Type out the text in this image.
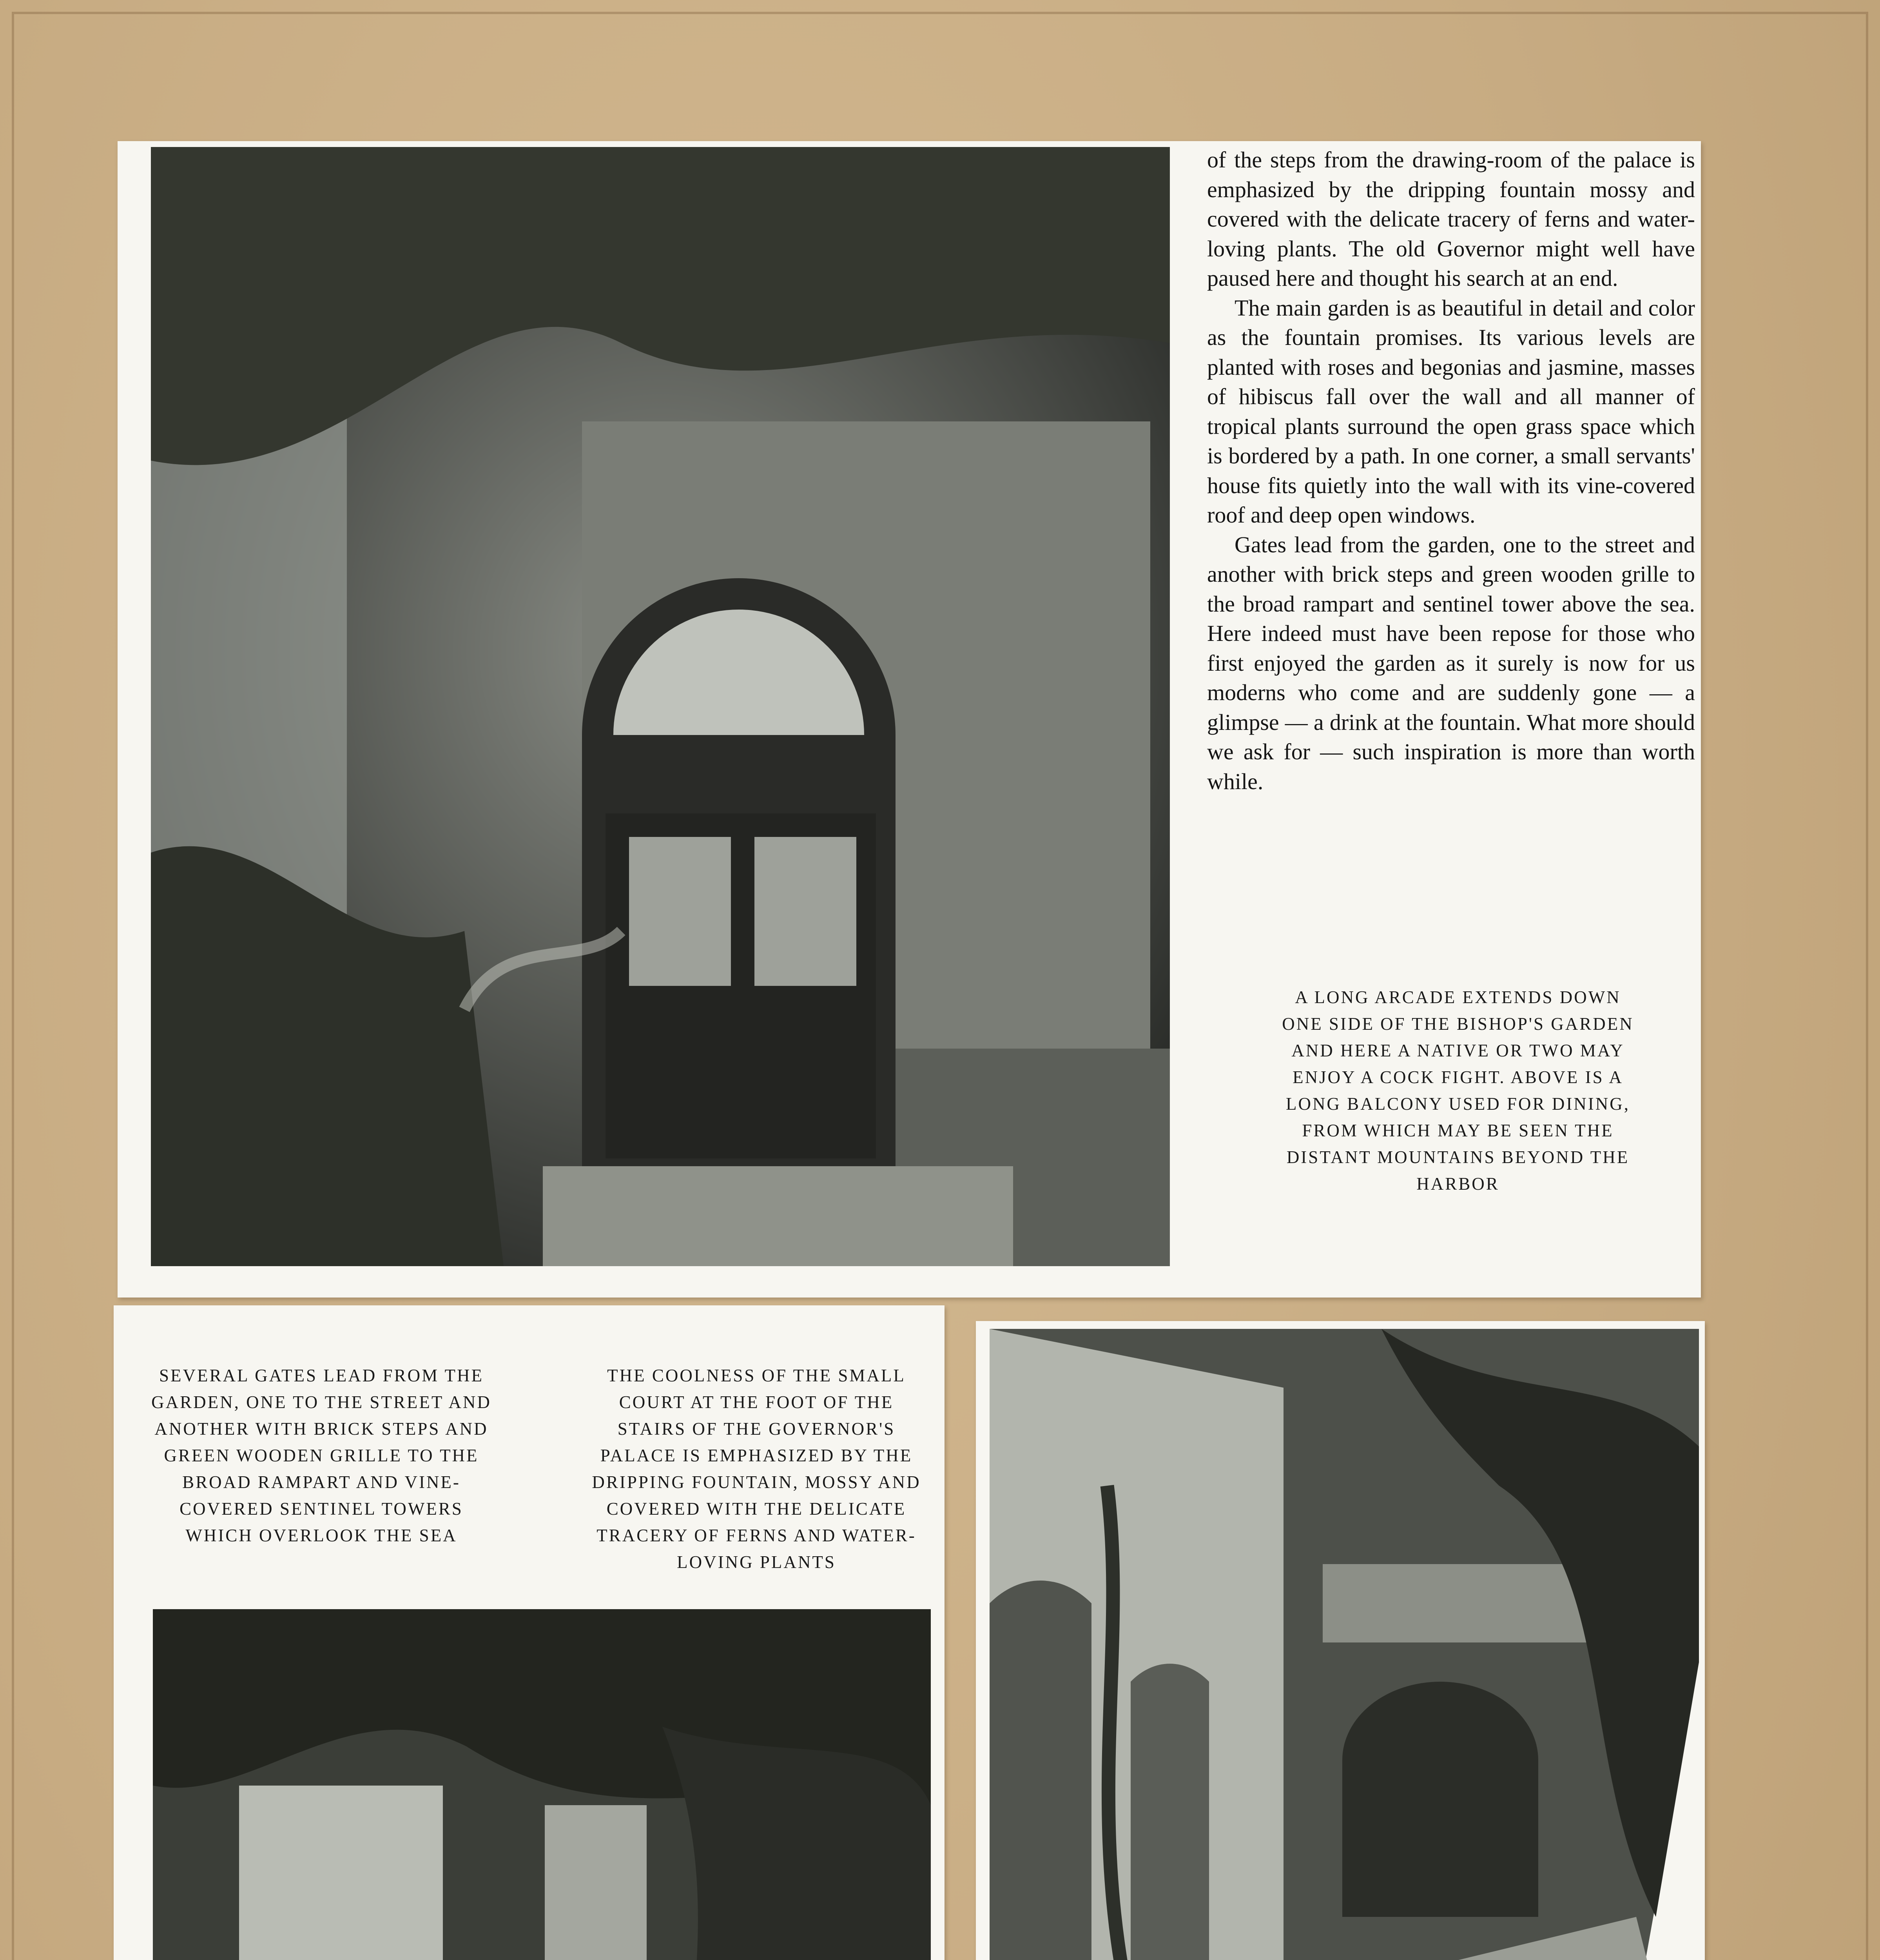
of the steps from the drawing-room of the palace is emphasized by the dripping fountain mossy and covered with the delicate tracery of ferns and water-loving plants. The old Governor might well have paused here and thought his search at an end.

The main garden is as beautiful in detail and color as the fountain promises. Its various levels are planted with roses and begonias and jasmine, masses of hibiscus fall over the wall and all manner of tropical plants surround the open grass space which is bordered by a path. In one corner, a small servants' house fits quietly into the wall with its vine-covered roof and deep open windows.

Gates lead from the garden, one to the street and another with brick steps and green wooden grille to the broad rampart and sentinel tower above the sea. Here indeed must have been repose for those who first enjoyed the garden as it surely is now for us moderns who come and are suddenly gone — a glimpse — a drink at the fountain. What more should we ask for — such inspiration is more than worth while.

A LONG ARCADE EXTENDS DOWN ONE SIDE OF THE BISHOP'S GARDEN AND HERE A NATIVE OR TWO MAY ENJOY A COCK FIGHT. ABOVE IS A LONG BALCONY USED FOR DINING, FROM WHICH MAY BE SEEN THE DISTANT MOUNTAINS BEYOND THE HARBOR
SEVERAL GATES LEAD FROM THE GARDEN, ONE TO THE STREET AND ANOTHER WITH BRICK STEPS AND GREEN WOODEN GRILLE TO THE BROAD RAMPART AND VINE-COVERED SENTINEL TOWERS WHICH OVERLOOK THE SEA
THE COOLNESS OF THE SMALL COURT AT THE FOOT OF THE STAIRS OF THE GOVERNOR'S PALACE IS EMPHASIZED BY THE DRIPPING FOUNTAIN, MOSSY AND COVERED WITH THE DELICATE TRACERY OF FERNS AND WATER-LOVING PLANTS
